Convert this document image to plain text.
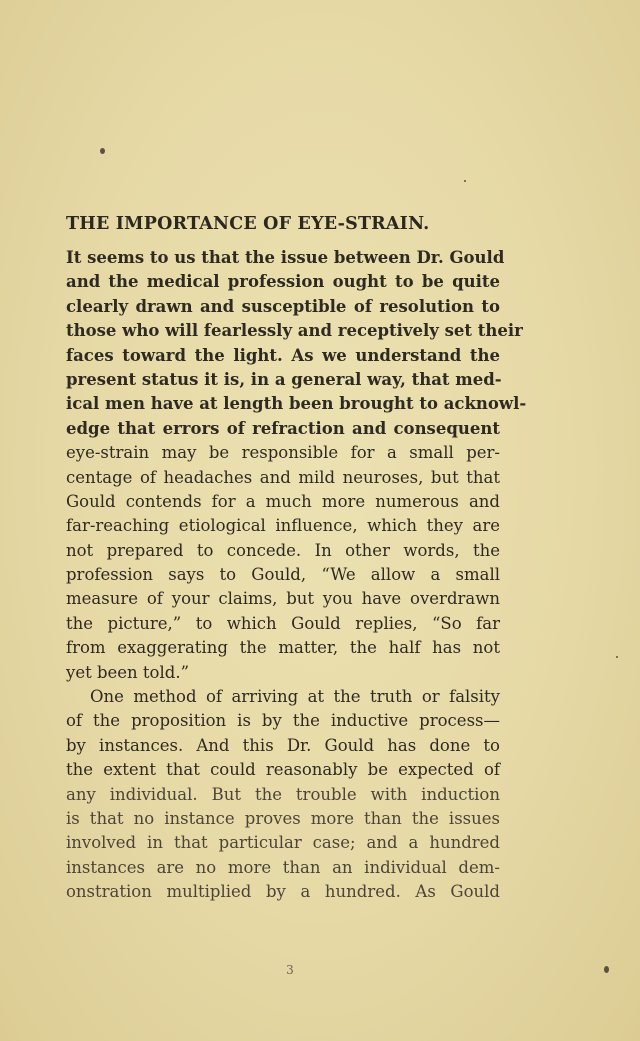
THE IMPORTANCE OF EYE-STRAIN.
It seems to us that the issue between Dr. Gould
and the medical profession ought to be quite
clearly drawn and susceptible of resolution to
those who will fearlessly and receptively set their
faces toward the light. As we understand the
present status it is, in a general way, that med-
ical men have at length been brought to acknowl-
edge that errors of refraction and consequent
eye-strain may be responsible for a small per-
centage of headaches and mild neuroses, but that
Gould contends for a much more numerous and
far-reaching etiological influence, which they are
not prepared to concede. In other words, the
profession says to Gould, “We allow a small
measure of your claims, but you have overdrawn
the picture,” to which Gould replies, “So far
from exaggerating the matter, the half has not
yet been told.”
One method of arriving at the truth or falsity
of the proposition is by the inductive process—
by instances. And this Dr. Gould has done to
the extent that could reasonably be expected of
any individual. But the trouble with induction
is that no instance proves more than the issues
involved in that particular case; and a hundred
instances are no more than an individual dem-
onstration multiplied by a hundred. As Gould
3
